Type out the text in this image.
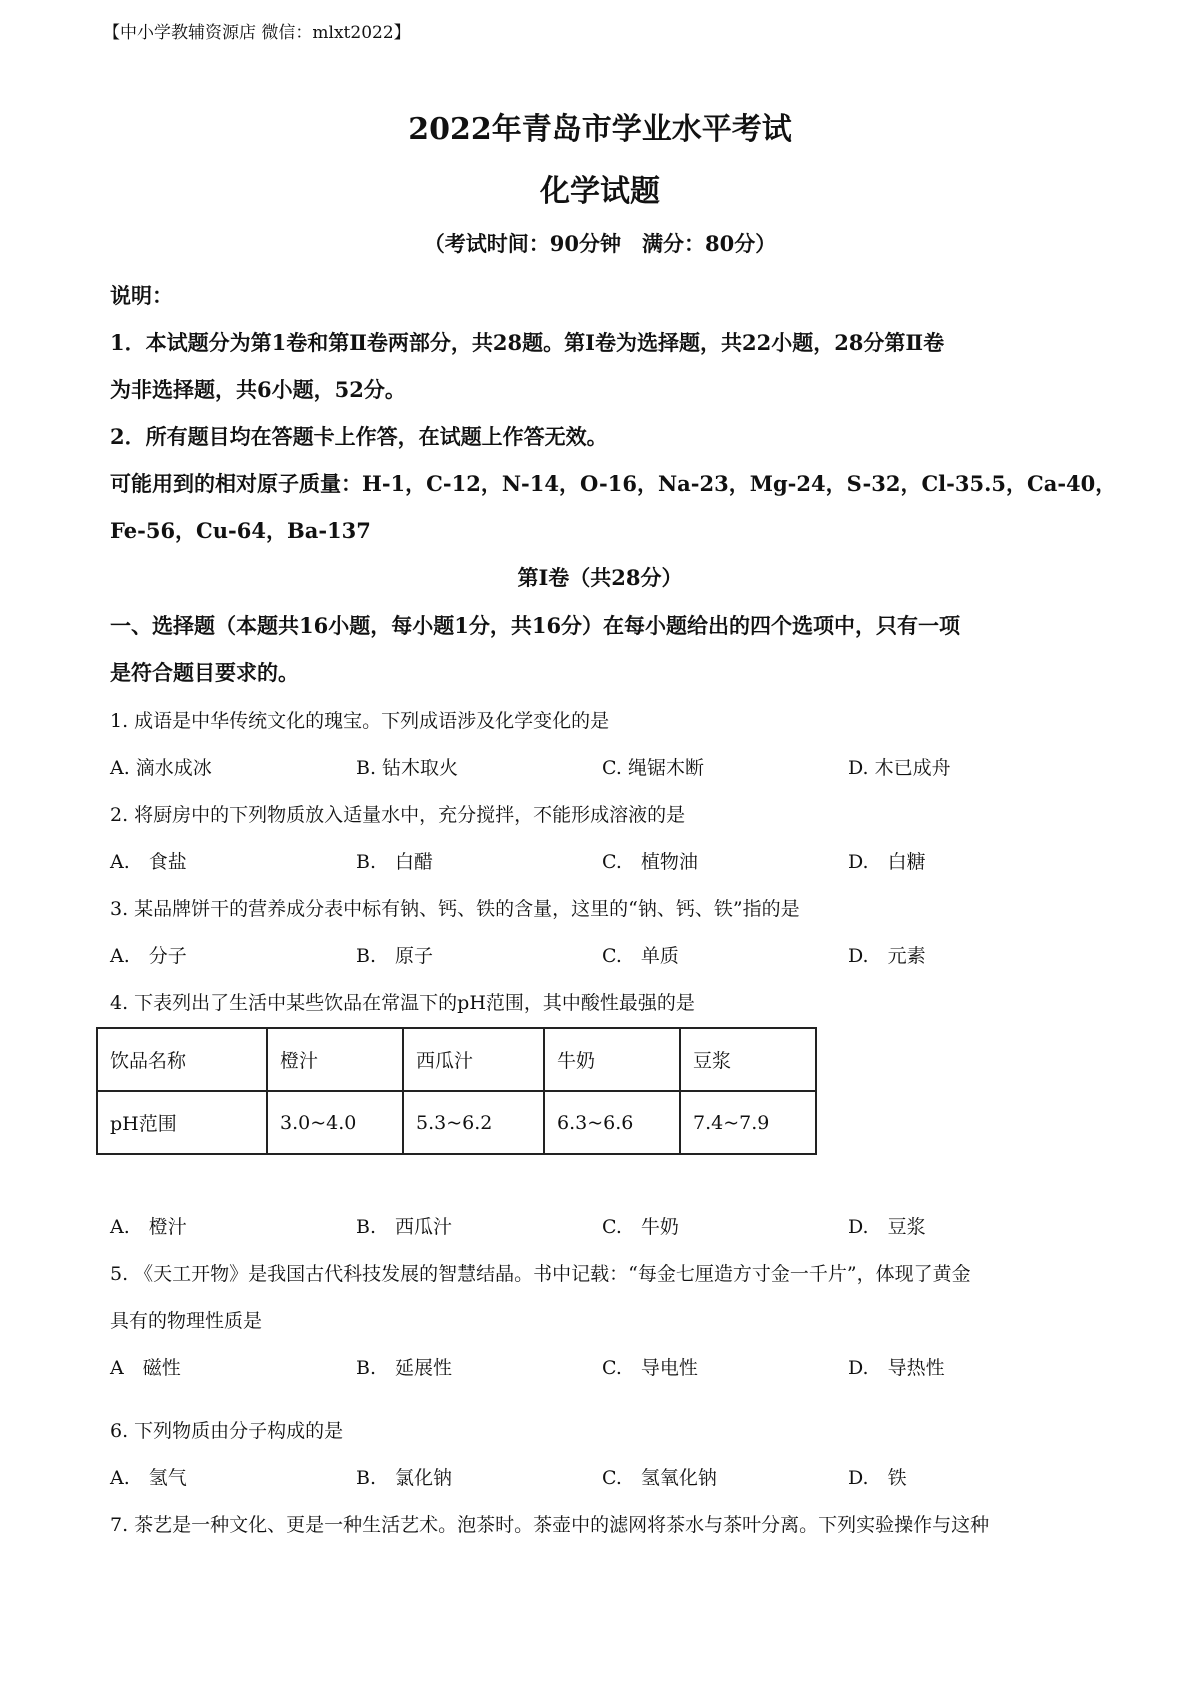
【中小学教辅资源店 微信：mlxt2022】
2022年青岛市学业水平考试
化学试题
（考试时间：90分钟　满分：80分）
说明：
1．本试题分为第1卷和第Ⅱ卷两部分，共28题。第I卷为选择题，共22小题，28分第Ⅱ卷
为非选择题，共6小题，52分。
2．所有题目均在答题卡上作答，在试题上作答无效。
可能用到的相对原子质量：H-1，C-12，N-14，O-16，Na-23，Mg-24，S-32，Cl-35.5，Ca-40，
Fe-56，Cu-64，Ba-137
第I卷（共28分）
一、选择题（本题共16小题，每小题1分，共16分）在每小题给出的四个选项中，只有一项
是符合题目要求的。
1. 成语是中华传统文化的瑰宝。下列成语涉及化学变化的是
A. 滴水成冰	B. 钻木取火	C. 绳锯木断	D. 木已成舟
2. 将厨房中的下列物质放入适量水中，充分搅拌，不能形成溶液的是
A.　食盐	B.　白醋	C.　植物油	D.　白糖
3. 某品牌饼干的营养成分表中标有钠、钙、铁的含量，这里的“钠、钙、铁”指的是
A.　分子	B.　原子	C.　单质	D.　元素
4. 下表列出了生活中某些饮品在常温下的pH范围，其中酸性最强的是
饮品名称	橙汁	西瓜汁	牛奶	豆浆
pH范围	3.0~4.0	5.3~6.2	6.3~6.6	7.4~7.9
A.　橙汁	B.　西瓜汁	C.　牛奶	D.　豆浆
5. 《天工开物》是我国古代科技发展的智慧结晶。书中记载：“每金七厘造方寸金一千片”，体现了黄金
具有的物理性质是
A　磁性	B.　延展性	C.　导电性	D.　导热性
6. 下列物质由分子构成的是
A.　氢气	B.　氯化钠	C.　氢氧化钠	D.　铁
7. 茶艺是一种文化、更是一种生活艺术。泡茶时。茶壶中的滤网将茶水与茶叶分离。下列实验操作与这种
